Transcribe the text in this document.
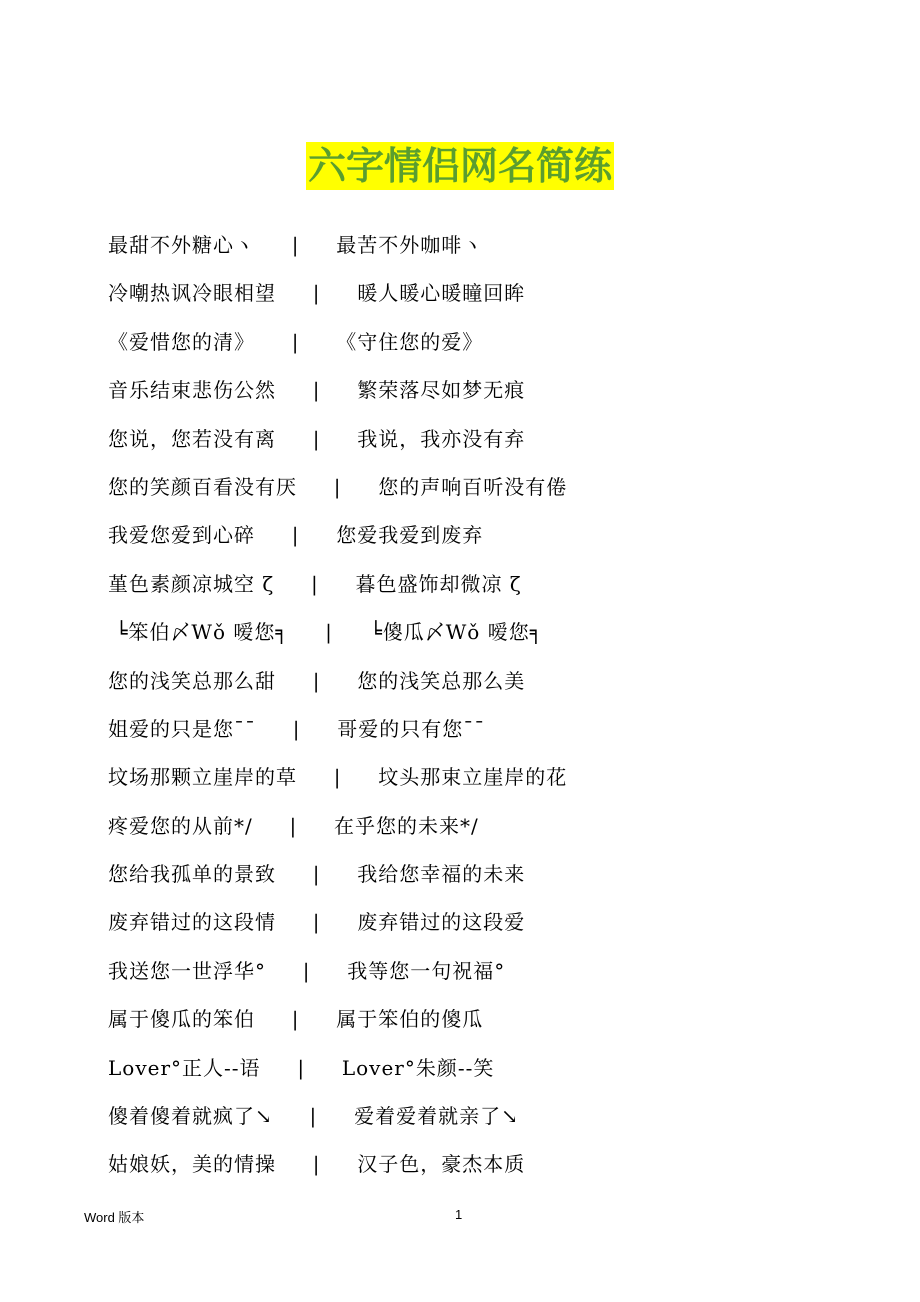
六字情侣网名简练
最甜不外糖心ヽ     |     最苦不外咖啡ヽ
冷嘲热讽冷眼相望     |     暖人暖心暖瞳回眸
《爱惜您的清》     |     《守住您的爱》
音乐结束悲伤公然     |     繁荣落尽如梦无痕
您说，您若没有离     |     我说，我亦没有弃
您的笑颜百看没有厌     |     您的声响百听没有倦
我爱您爱到心碎     |     您爱我爱到废弃
堇色素颜凉城空 ζ     |     暮色盛饰却微凉 ζ
╘笨伯〆Wǒ 嗳您╕     |     ╘傻瓜〆Wǒ 嗳您╕
您的浅笑总那么甜     |     您的浅笑总那么美
姐爱的只是您¯¯     |     哥爱的只有您¯¯
坟场那颗立崖岸的草     |     坟头那束立崖岸的花
疼爱您的从前*/     |     在乎您的未来*/
您给我孤单的景致     |     我给您幸福的未来
废弃错过的这段情     |     废弃错过的这段爱
我送您一世浮华°     |     我等您一句祝福°
属于傻瓜的笨伯     |     属于笨伯的傻瓜
Lover°正人--语     |     Lover°朱颜--笑
傻着傻着就疯了↘     |     爱着爱着就亲了↘
姑娘妖，美的情操     |     汉子色，豪杰本质
Word 版本	1
